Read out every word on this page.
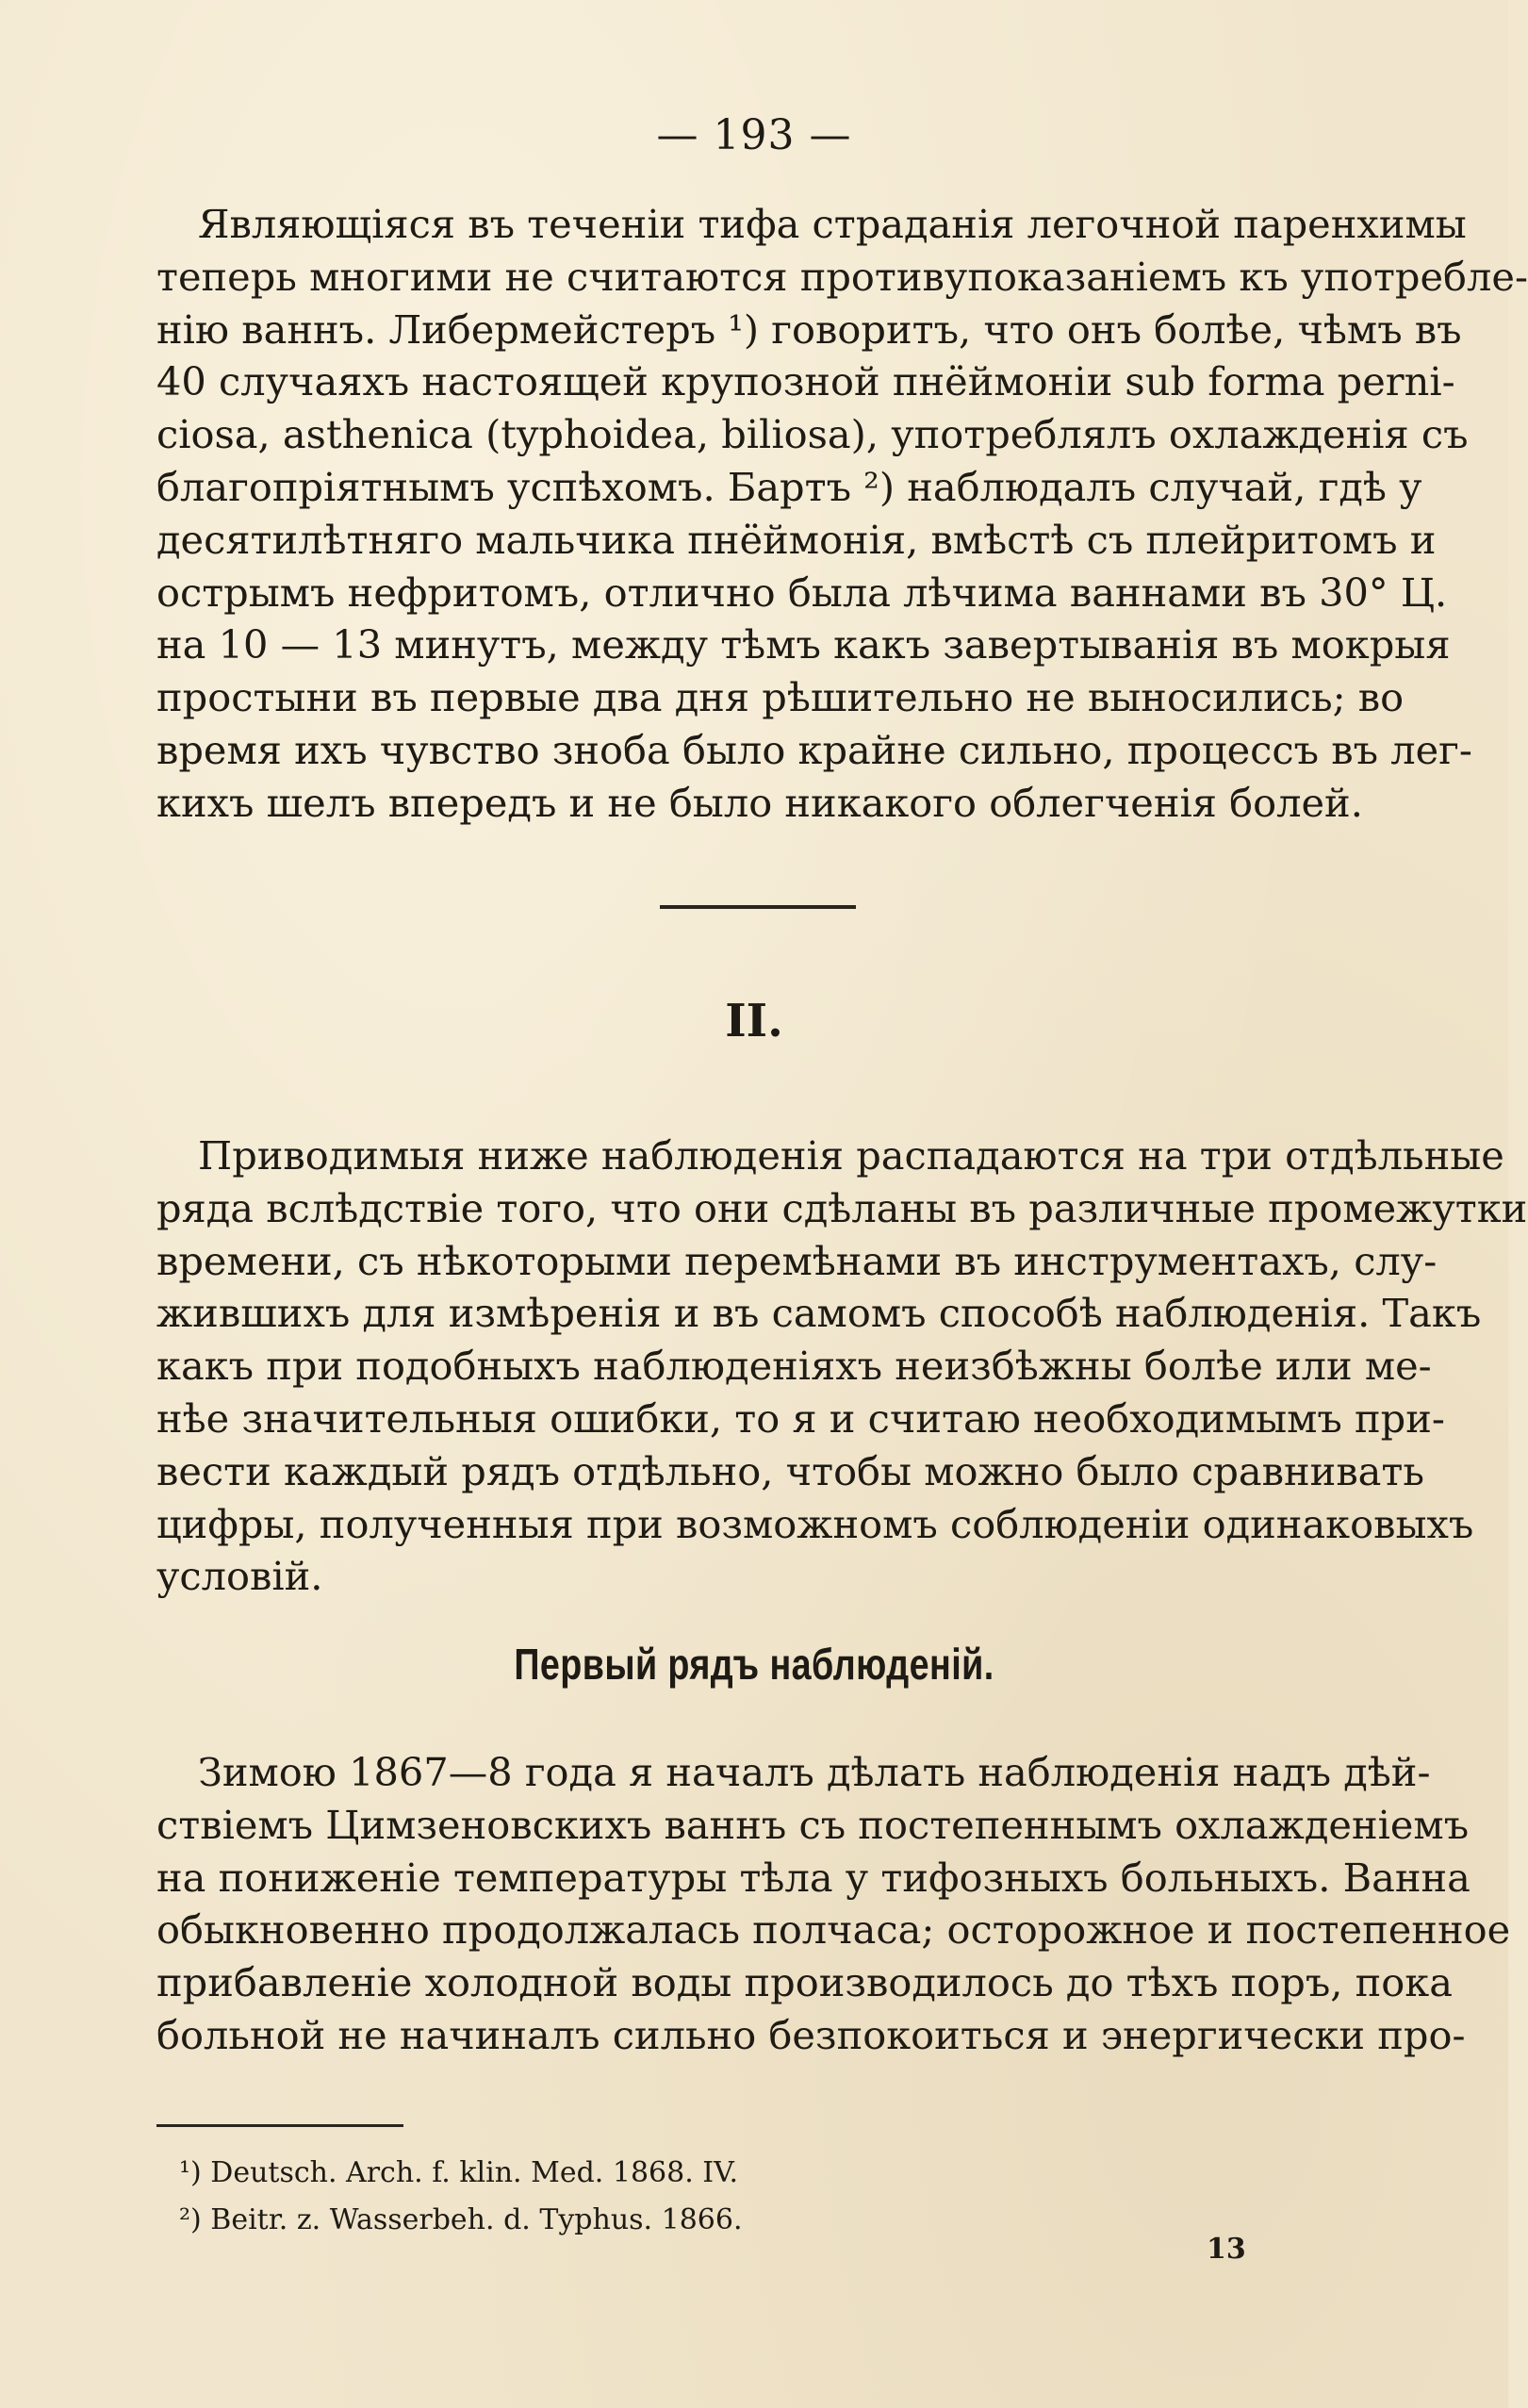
— 193 —
Являющіяся въ теченіи тифа страданія легочной паренхимы
теперь многими не считаются противупоказаніемъ къ употребле-
нію ваннъ. Либермейстеръ ¹) говоритъ, что онъ болѣе, чѣмъ въ
40 случаяхъ настоящей крупозной пнёймоніи sub forma perni-
ciosa, asthenica (typhoidea, biliosa), употреблялъ охлажденія съ
благопріятнымъ успѣхомъ. Бартъ ²) наблюдалъ случай, гдѣ у
десятилѣтняго мальчика пнёймонія, вмѣстѣ съ плейритомъ и
острымъ нефритомъ, отлично была лѣчима ваннами въ 30° Ц.
на 10 — 13 минутъ, между тѣмъ какъ завертыванія въ мокрыя
простыни въ первые два дня рѣшительно не выносились; во
время ихъ чувство зноба было крайне сильно, процессъ въ лег-
кихъ шелъ впередъ и не было никакого облегченія болей.
II.
Приводимыя ниже наблюденія распадаются на три отдѣльные
ряда вслѣдствіе того, что они сдѣланы въ различные промежутки
времени, съ нѣкоторыми перемѣнами въ инструментахъ, слу-
жившихъ для измѣренія и въ самомъ способѣ наблюденія. Такъ
какъ при подобныхъ наблюденіяхъ неизбѣжны болѣе или ме-
нѣе значительныя ошибки, то я и считаю необходимымъ при-
вести каждый рядъ отдѣльно, чтобы можно было сравнивать
цифры, полученныя при возможномъ соблюденіи одинаковыхъ
условій.
Первый рядъ наблюденій.
Зимою 1867—8 года я началъ дѣлать наблюденія надъ дѣй-
ствіемъ Цимзеновскихъ ваннъ съ постепеннымъ охлажденіемъ
на пониженіе температуры тѣла у тифозныхъ больныхъ. Ванна
обыкновенно продолжалась полчаса; осторожное и постепенное
прибавленіе холодной воды производилось до тѣхъ поръ, пока
больной не начиналъ сильно безпокоиться и энергически про-
¹) Deutsch. Arch. f. klin. Med. 1868. IV.
²) Beitr. z. Wasserbeh. d. Typhus. 1866.
13
